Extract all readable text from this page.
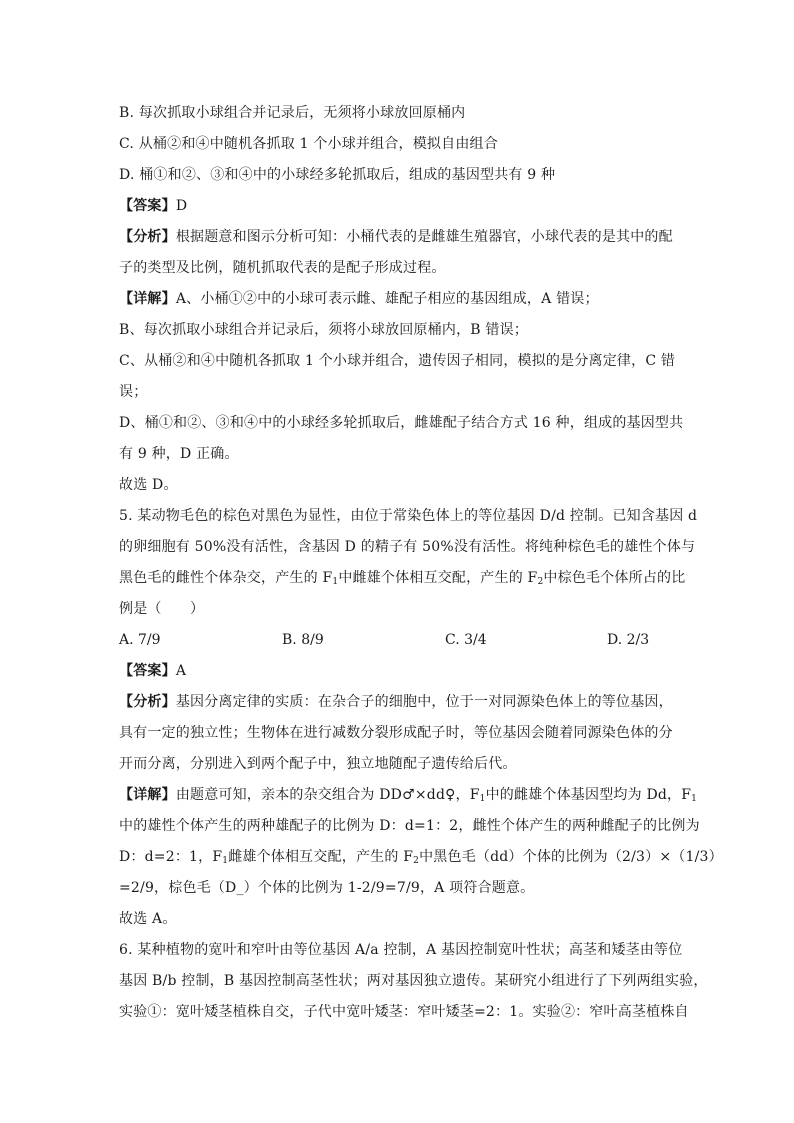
B. 每次抓取小球组合并记录后，无须将小球放回原桶内
C. 从桶②和④中随机各抓取 1 个小球并组合，模拟自由组合
D. 桶①和②、③和④中的小球经多轮抓取后，组成的基因型共有 9 种
【答案】D
【分析】根据题意和图示分析可知：小桶代表的是雌雄生殖器官，小球代表的是其中的配
子的类型及比例，随机抓取代表的是配子形成过程。
【详解】A、小桶①②中的小球可表示雌、雄配子相应的基因组成，A 错误；
B、每次抓取小球组合并记录后，须将小球放回原桶内，B 错误；
C、从桶②和④中随机各抓取 1 个小球并组合，遗传因子相同，模拟的是分离定律，C 错
误；
D、桶①和②、③和④中的小球经多轮抓取后，雌雄配子结合方式 16 种，组成的基因型共
有 9 种，D 正确。
故选 D。
5. 某动物毛色的棕色对黑色为显性，由位于常染色体上的等位基因 D/d 控制。已知含基因 d
的卵细胞有 50%没有活性，含基因 D 的精子有 50%没有活性。将纯种棕色毛的雄性个体与
黑色毛的雌性个体杂交，产生的 $F_1$中雌雄个体相互交配，产生的 $F_2$中棕色毛个体所占的比
例是（　　）
A. 7/9	B. 8/9	C. 3/4	D. 2/3
【答案】A
【分析】基因分离定律的实质：在杂合子的细胞中，位于一对同源染色体上的等位基因，
具有一定的独立性；生物体在进行减数分裂形成配子时，等位基因会随着同源染色体的分
开而分离，分别进入到两个配子中，独立地随配子遗传给后代。
【详解】由题意可知，亲本的杂交组合为 DD♂×dd♀，$F_1$中的雌雄个体基因型均为 Dd，$F_1$
中的雄性个体产生的两种雄配子的比例为 D：d=1：2，雌性个体产生的两种雌配子的比例为
D：d=2：1，$F_1$雌雄个体相互交配，产生的 $F_2$中黑色毛（dd）个体的比例为（2/3）×（1/3）
=2/9，棕色毛（D_）个体的比例为 1-2/9=7/9，A 项符合题意。
故选 A。
6. 某种植物的宽叶和窄叶由等位基因 A/a 控制，A 基因控制宽叶性状；高茎和矮茎由等位
基因 B/b 控制，B 基因控制高茎性状；两对基因独立遗传。某研究小组进行了下列两组实验，
实验①：宽叶矮茎植株自交，子代中宽叶矮茎：窄叶矮茎=2：1。实验②：窄叶高茎植株自
